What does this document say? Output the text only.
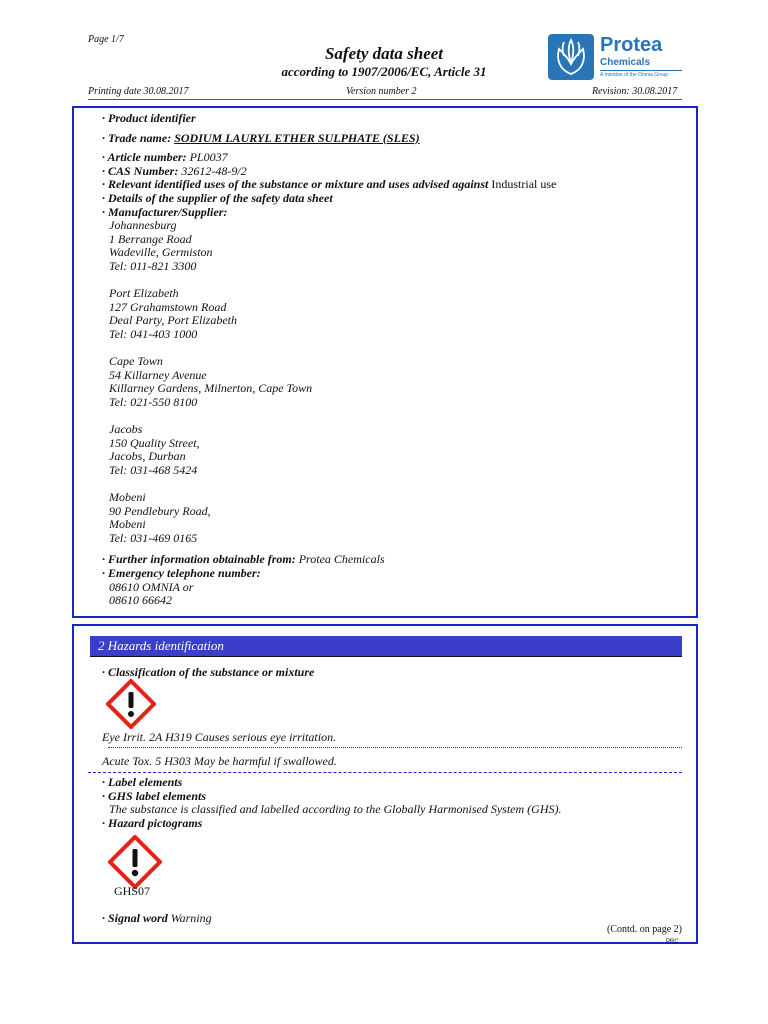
Page 1/7
Safety data sheet
according to 1907/2006/EC, Article 31
Printing date 30.08.2017	Version number 2	Revision: 30.08.2017
Protea
Chemicals
A member of the Omnia Group
· Product identifier
· Trade name: SODIUM LAURYL ETHER SULPHATE (SLES)
· Article number: PL0037
· CAS Number: 32612-48-9/2
· Relevant identified uses of the substance or mixture and uses advised against Industrial use
· Details of the supplier of the safety data sheet
· Manufacturer/Supplier:
Johannesburg
1 Berrange Road
Wadeville, Germiston
Tel: 011-821 3300
Port Elizabeth
127 Grahamstown Road
Deal Party, Port Elizabeth
Tel: 041-403 1000
Cape Town
54 Killarney Avenue
Killarney Gardens, Milnerton, Cape Town
Tel: 021-550 8100
Jacobs
150 Quality Street,
Jacobs, Durban
Tel: 031-468 5424
Mobeni
90 Pendlebury Road,
Mobeni
Tel: 031-469 0165
· Further information obtainable from: Protea Chemicals
· Emergency telephone number:
08610 OMNIA or
08610 66642
2 Hazards identification
· Classification of the substance or mixture
Eye Irrit. 2A H319 Causes serious eye irritation.
Acute Tox. 5 H303 May be harmful if swallowed.
· Label elements
· GHS label elements
The substance is classified and labelled according to the Globally Harmonised System (GHS).
· Hazard pictograms
GHS07
· Signal word Warning
(Contd. on page 2)
PRC
